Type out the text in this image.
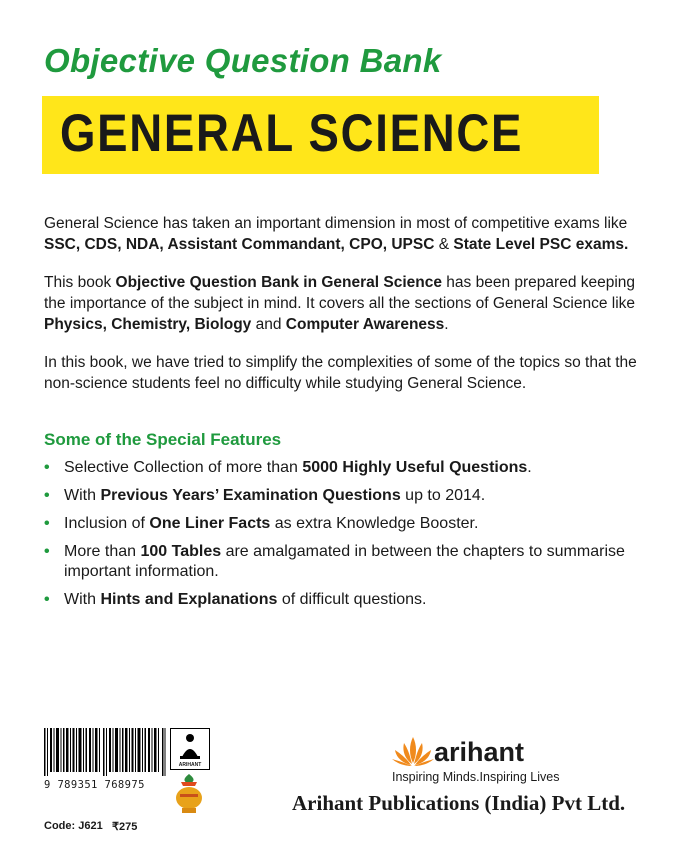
Objective Question Bank
GENERAL SCIENCE

General Science has taken an important dimension in most of competitive exams like SSC, CDS, NDA, Assistant Commandant, CPO, UPSC & State Level PSC exams.

This book Objective Question Bank in General Science has been prepared keeping the importance of the subject in mind. It covers all the sections of General Science like Physics, Chemistry, Biology and Computer Awareness.

In this book, we have tried to simplify the complexities of some of the topics so that the non-science students feel no difficulty while studying General Science.

Some of the Special Features
• Selective Collection of more than 5000 Highly Useful Questions.
• With Previous Years’ Examination Questions up to 2014.
• Inclusion of One Liner Facts as extra Knowledge Booster.
• More than 100 Tables are amalgamated in between the chapters to summarise important information.
• With Hints and Explanations of difficult questions.
9 789351 768975
ARIHANT
Code: J621 ₹275
arihant
Inspiring Minds.Inspiring Lives
Arihant Publications (India) Pvt Ltd.
